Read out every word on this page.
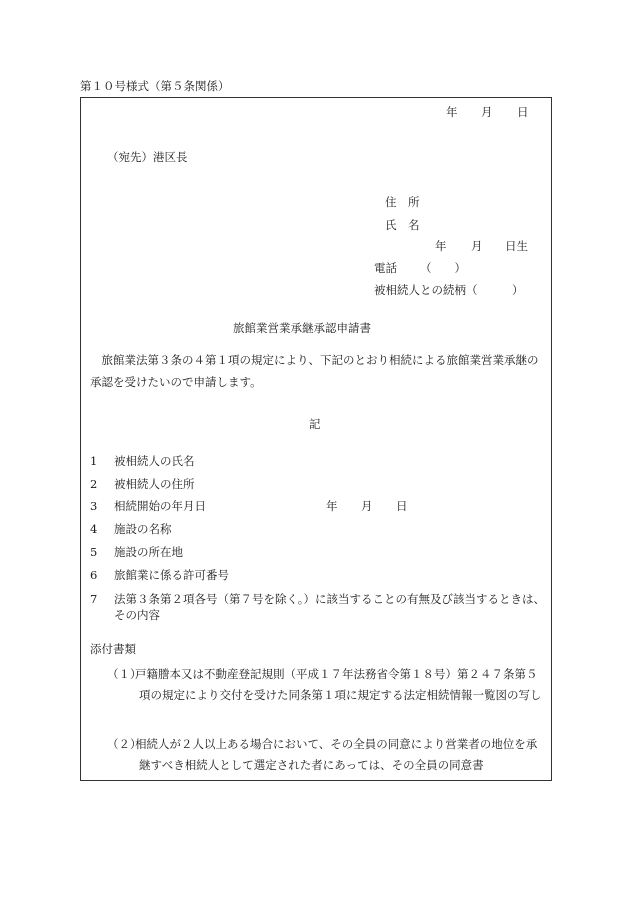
第１０号様式（第５条関係）
年 月 日
（宛先）港区長
住　所
氏　名
年 月 日生
電話 （　　）
被相続人との続柄（　　　）
旅館業営業承継承認申請書
旅館業法第３条の４第１項の規定により、下記のとおり相続による旅館業営業承継の承認を受けたいので申請します。
記
1 被相続人の氏名
2 被相続人の住所
3 相続開始の年月日	年 月 日
4 施設の名称
5 施設の所在地
6 旅館業に係る許可番号
7 法第３条第２項各号（第７号を除く。）に該当することの有無及び該当するときは、その内容
添付書類
（１）
戸籍謄本又は不動産登記規則（平成１７年法務省令第１８号）第２４７条第５項の規定により交付を受けた同条第１項に規定する法定相続情報一覧図の写し
（２）
相続人が２人以上ある場合において、その全員の同意により営業者の地位を承継すべき相続人として選定された者にあっては、その全員の同意書
